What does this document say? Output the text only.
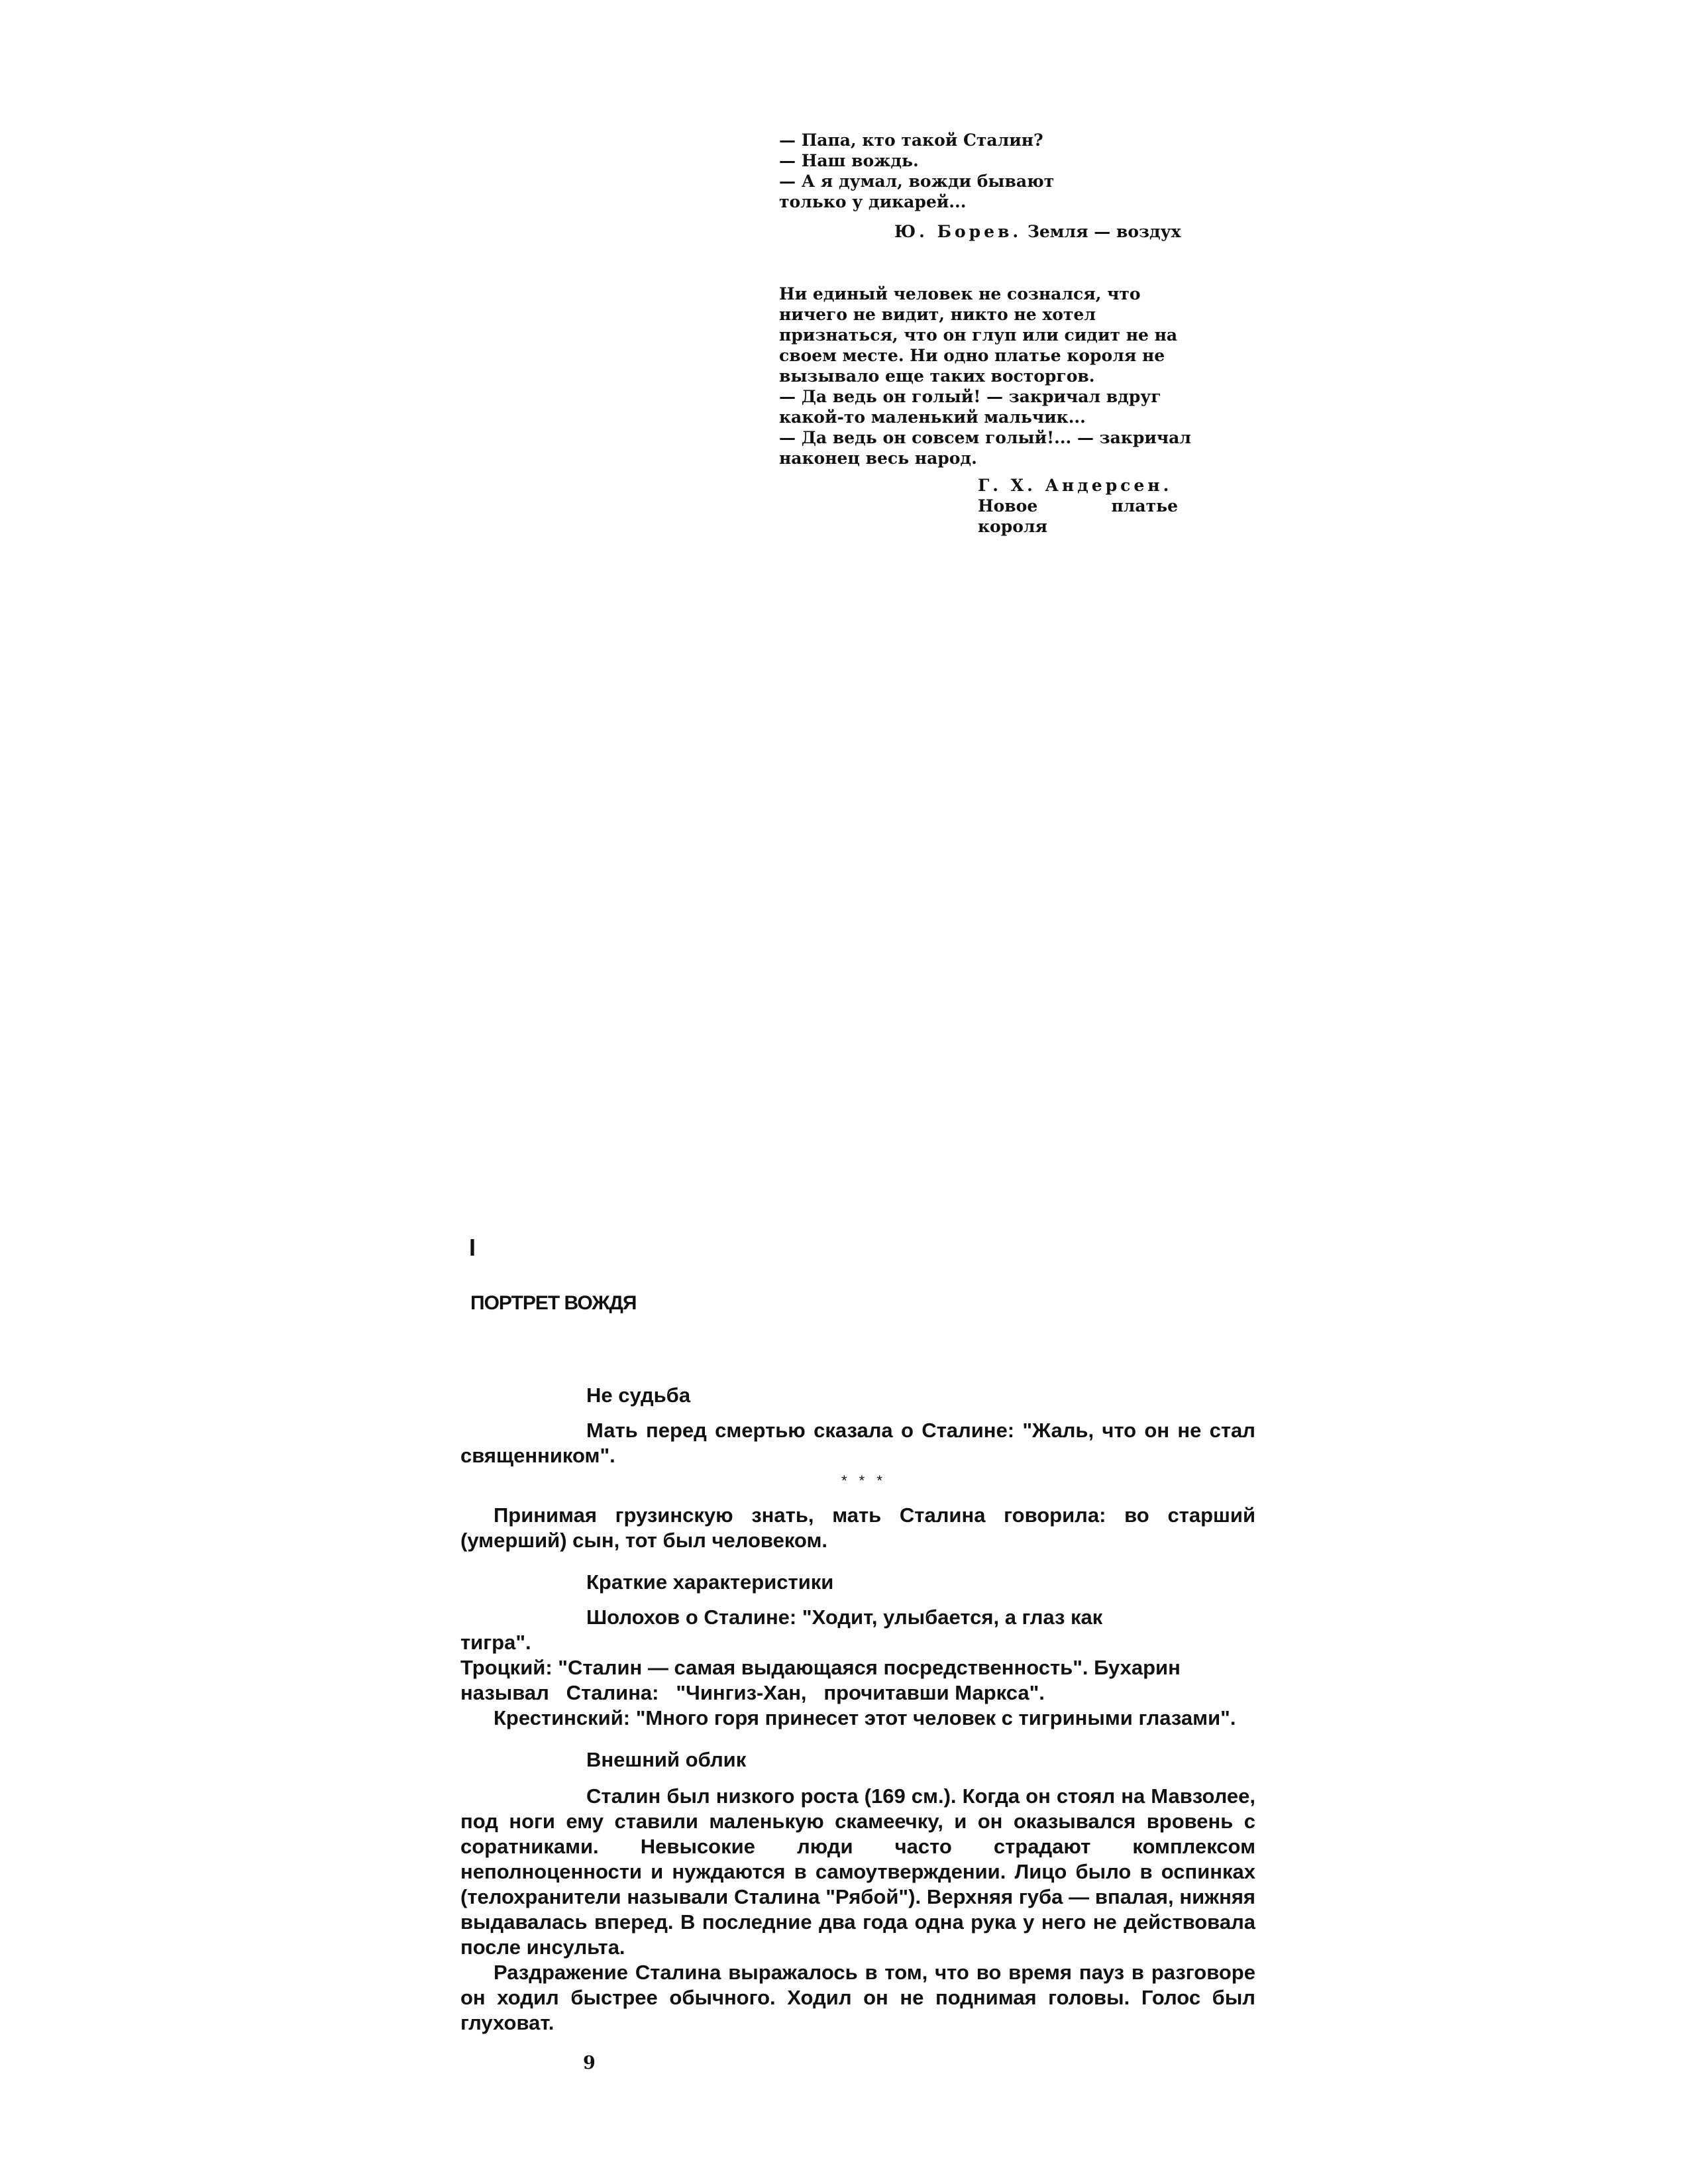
— Папа, кто такой Сталин?
— Наш вождь.
— А я думал, вожди бывают
только у дикарей...
Ю. Борев. Земля — воздух
Ни единый человек не сознался, что
ничего не видит, никто не хотел
признаться, что он глуп или сидит не на
своем месте. Ни одно платье короля не
вызывало еще таких восторгов.
— Да ведь он голый! — закричал вдруг
какой-то маленький мальчик...
— Да ведь он совсем голый!... — закричал
наконец весь народ.
Г. Х. Андерсен.
Новое	платье
короля
I
ПОРТРЕТ ВОЖДЯ
Не судьба
Мать перед смертью сказала о Сталине: "Жаль, что он не стал священником".
* * *
Принимая грузинскую знать, мать Сталина говорила: во старший (умерший) сын, тот был человеком.
Краткие характеристики
Шолохов о Сталине: "Ходит, улыбается, а глаз как
тигра".
Троцкий: "Сталин — самая выдающаяся посредственность". Бухарин
называл   Сталина:   "Чингиз-Хан,   прочитавши Маркса".
Крестинский: "Много горя принесет этот человек с тигриными глазами".
Внешний облик
Сталин был низкого роста (169 см.). Когда он стоял на Мавзолее, под ноги ему ставили маленькую скамеечку, и он оказывался вровень с соратниками. Невысокие люди часто страдают комплексом неполноценности и нуждаются в самоутверждении. Лицо было в оспинках (телохранители называли Сталина "Рябой"). Верхняя губа — впалая, нижняя выдавалась вперед. В последние два года одна рука у него не действовала после инсульта.
Раздражение Сталина выражалось в том, что во время пауз в разговоре он ходил быстрее обычного. Ходил он не поднимая головы. Голос был глуховат.
9
